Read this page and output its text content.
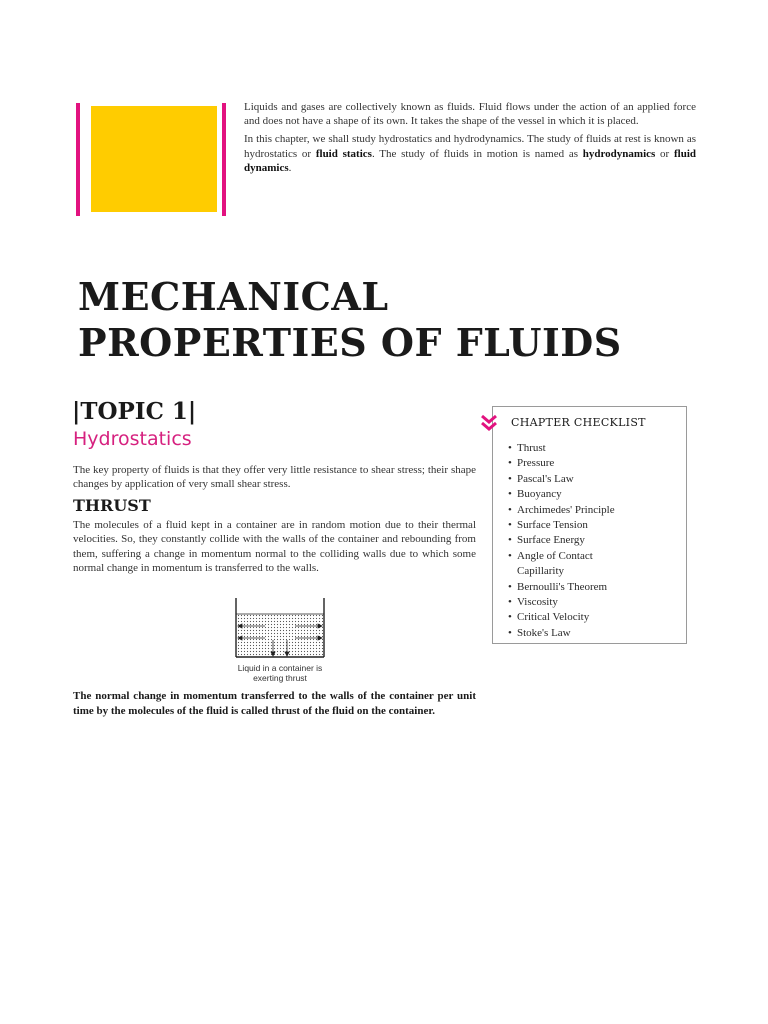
Liquids and gases are collectively known as fluids. Fluid flows under the action of an applied force and does not have a shape of its own. It takes the shape of the vessel in which it is placed.

In this chapter, we shall study hydrostatics and hydrodynamics. The study of fluids at rest is known as hydrostatics or fluid statics. The study of fluids in motion is named as hydrodynamics or fluid dynamics.

MECHANICAL
PROPERTIES OF FLUIDS
|TOPIC 1|
Hydrostatics

The key property of fluids is that they offer very little resistance to shear stress; their shape changes by application of very small shear stress.

THRUST

The molecules of a fluid kept in a container are in random motion due to their thermal velocities. So, they constantly collide with the walls of the container and rebounding from them, suffering a change in momentum normal to the colliding walls due to which some normal change in momentum is transferred to the walls.

Liquid in a container is
exerting thrust

The normal change in momentum transferred to the walls of the container per unit time by the molecules of the fluid is called thrust of the fluid on the container.

CHAPTER CHECKLIST
• Thrust
• Pressure
• Pascal's Law
• Buoyancy
• Archimedes' Principle
• Surface Tension
• Surface Energy
• Angle of Contact
Capillarity
• Bernoulli's Theorem
• Viscosity
• Critical Velocity
• Stoke's Law
